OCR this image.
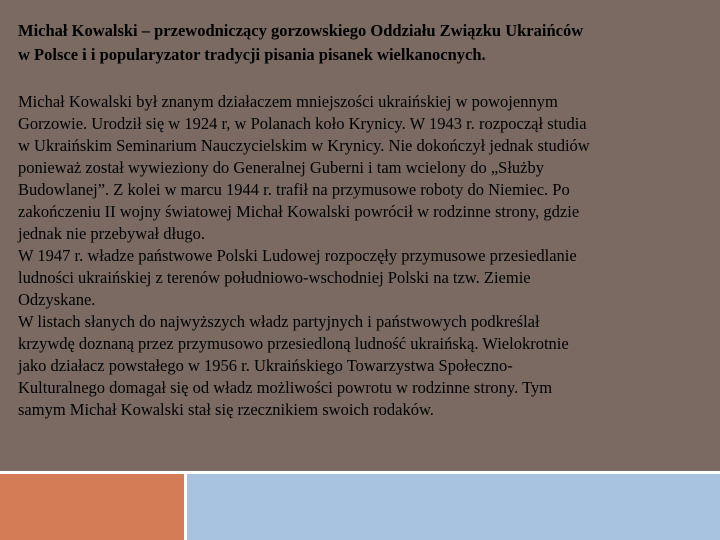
Michał Kowalski – przewodniczący gorzowskiego Oddziału Związku Ukraińców
w Polsce i i popularyzator tradycji pisania pisanek wielkanocnych.
Michał Kowalski był znanym działaczem mniejszości ukraińskiej w powojennym
Gorzowie. Urodził się w 1924 r, w Polanach koło Krynicy. W 1943 r. rozpoczął studia
w Ukraińskim Seminarium Nauczycielskim w Krynicy. Nie dokończył jednak studiów
ponieważ został wywieziony do Generalnej Guberni i tam wcielony do „Służby
Budowlanej”. Z kolei w marcu 1944 r. trafił na przymusowe roboty do Niemiec. Po
zakończeniu II wojny światowej Michał Kowalski powrócił w rodzinne strony, gdzie
jednak nie przebywał długo.
W 1947 r. władze państwowe Polski Ludowej rozpoczęły przymusowe przesiedlanie
ludności ukraińskiej z terenów południowo-wschodniej Polski na tzw. Ziemie
Odzyskane.
W listach słanych do najwyższych władz partyjnych i państwowych podkreślał
krzywdę doznaną przez przymusowo przesiedloną ludność ukraińską. Wielokrotnie
jako działacz powstałego w 1956 r. Ukraińskiego Towarzystwa Społeczno-
Kulturalnego domagał się od władz możliwości powrotu w rodzinne strony. Tym
samym Michał Kowalski stał się rzecznikiem swoich rodaków.
